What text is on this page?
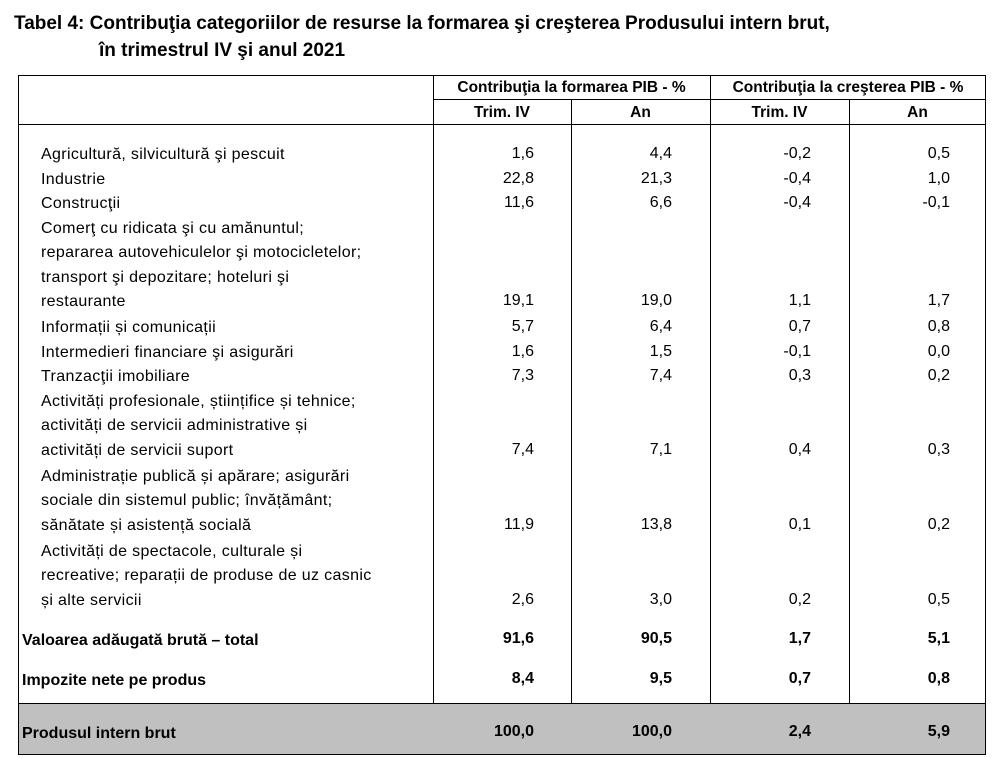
Tabel 4: Contribuţia categoriilor de resurse la formarea şi creşterea Produsului intern brut,
în trimestrul IV şi anul 2021
Contribuţia la formarea PIB - %	Contribuţia la creşterea PIB - %
Trim. IV	An	Trim. IV	An
Agricultură, silvicultură şi pescuit	1,6	4,4	-0,2	0,5
Industrie	22,8	21,3	-0,4	1,0
Construcţii	11,6	6,6	-0,4	-0,1
Comerţ cu ridicata şi cu amănuntul;
repararea autovehiculelor şi motocicletelor;
transport şi depozitare; hoteluri şi
restaurante	19,1	19,0	1,1	1,7
Informații și comunicații	5,7	6,4	0,7	0,8
Intermedieri financiare şi asigurări	1,6	1,5	-0,1	0,0
Tranzacţii imobiliare	7,3	7,4	0,3	0,2
Activități profesionale, științifice și tehnice;
activități de servicii administrative și
activități de servicii suport	7,4	7,1	0,4	0,3
Administrație publică și apărare; asigurări
sociale din sistemul public; învățământ;
sănătate și asistență socială	11,9	13,8	0,1	0,2
Activități de spectacole, culturale și
recreative; reparații de produse de uz casnic
și alte servicii	2,6	3,0	0,2	0,5
Valoarea adăugată brută – total	91,6	90,5	1,7	5,1
Impozite nete pe produs	8,4	9,5	0,7	0,8
Produsul intern brut	100,0	100,0	2,4	5,9
